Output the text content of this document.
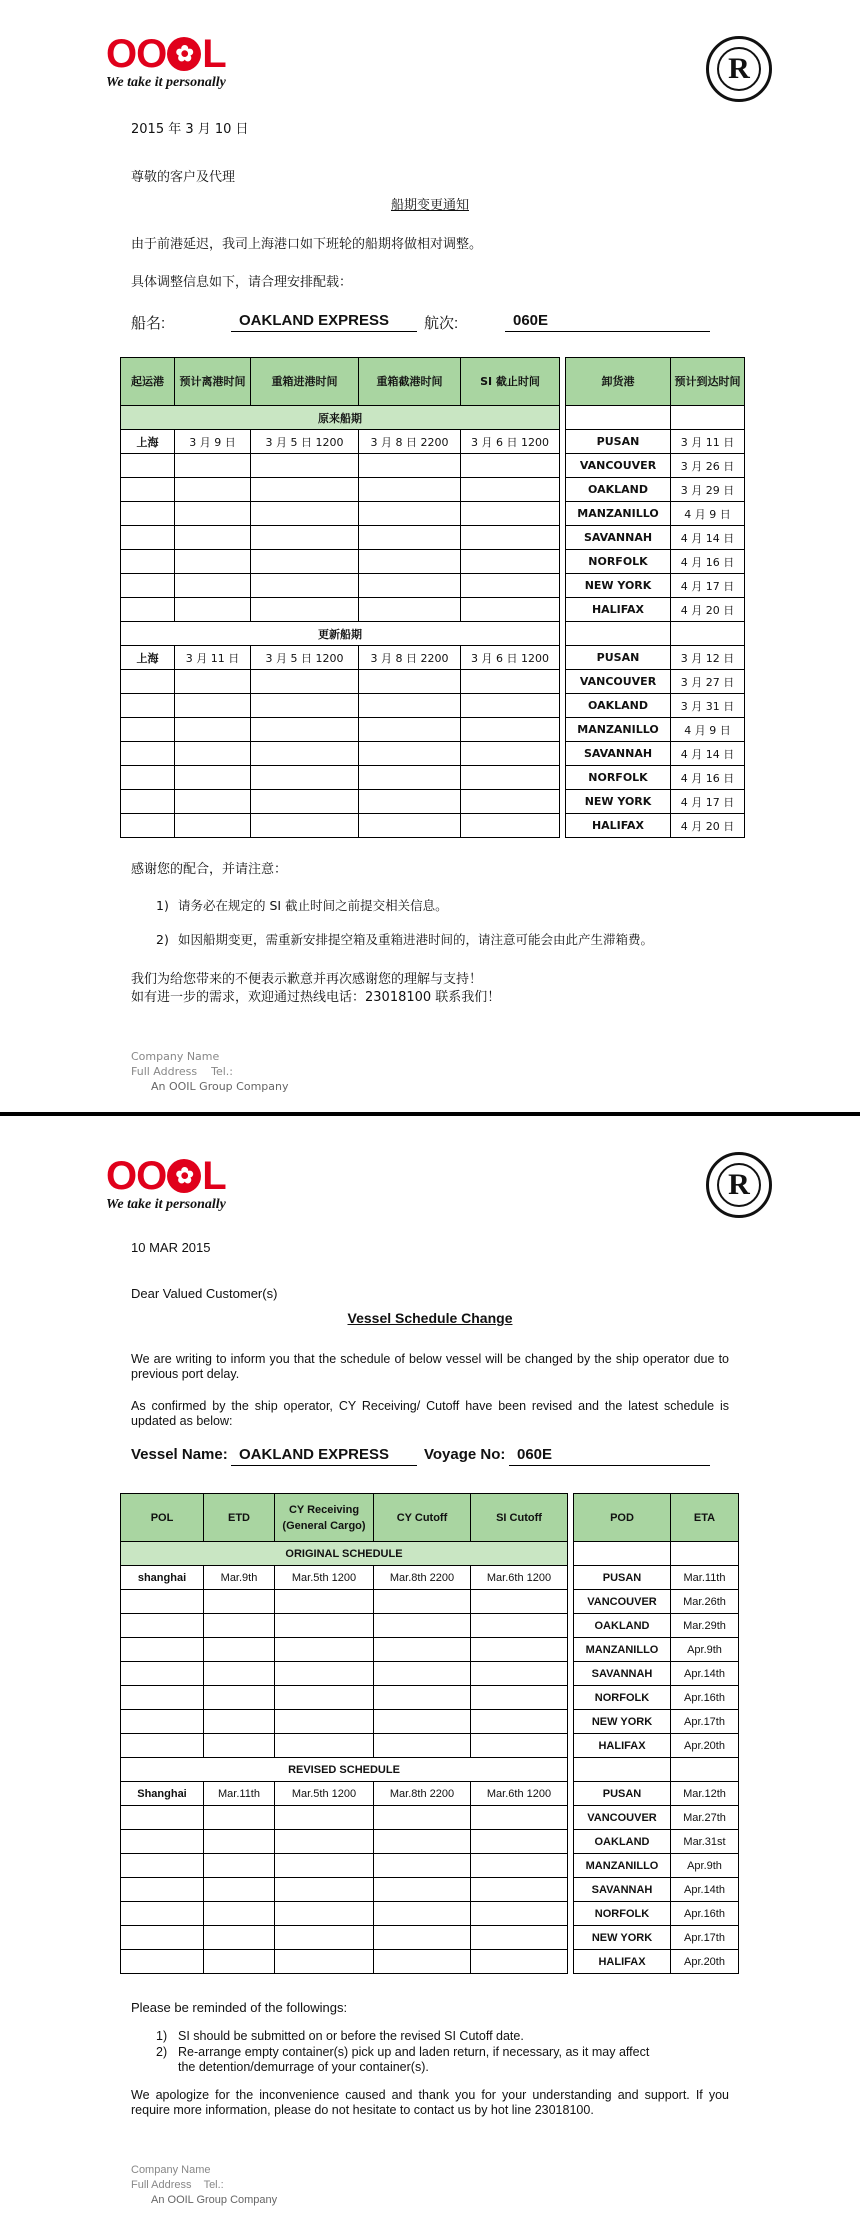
OO ✿ L
We take it personally	R
2015 年 3 月 10 日
尊敬的客户及代理
船期变更通知
由于前港延迟，我司上海港口如下班轮的船期将做相对调整。
具体调整信息如下，请合理安排配载：
船名:	OAKLAND EXPRESS	航次:	060E
起运港	预计离港时间	重箱进港时间	重箱截港时间	SI 截止时间		卸货港	预计到达时间
原来船期							
上海	3 月 9 日	3 月 5 日 1200	3 月 8 日 2200	3 月 6 日 1200		PUSAN	3 月 11 日
						VANCOUVER	3 月 26 日
						OAKLAND	3 月 29 日
						MANZANILLO	4 月 9 日
						SAVANNAH	4 月 14 日
						NORFOLK	4 月 16 日
						NEW YORK	4 月 17 日
						HALIFAX	4 月 20 日
更新船期							
上海	3 月 11 日	3 月 5 日 1200	3 月 8 日 2200	3 月 6 日 1200		PUSAN	3 月 12 日
						VANCOUVER	3 月 27 日
						OAKLAND	3 月 31 日
						MANZANILLO	4 月 9 日
						SAVANNAH	4 月 14 日
						NORFOLK	4 月 16 日
						NEW YORK	4 月 17 日
						HALIFAX	4 月 20 日
感谢您的配合，并请注意：
1) 请务必在规定的 SI 截止时间之前提交相关信息。
2) 如因船期变更，需重新安排提空箱及重箱进港时间的，请注意可能会由此产生滞箱费。
我们为给您带来的不便表示歉意并再次感谢您的理解与支持！
如有进一步的需求，欢迎通过热线电话：23018100 联系我们！
Company Name
Full Address Tel.:
An OOIL Group Company
OO ✿ L
We take it personally
R
10 MAR 2015
Dear Valued Customer(s)
Vessel Schedule Change
We are writing to inform you that the schedule of below vessel will be changed by the ship operator due to previous port delay.
As confirmed by the ship operator, CY Receiving/ Cutoff have been revised and the latest schedule is updated as below:
Vessel Name: OAKLAND EXPRESS	Voyage No: 060E
POL	ETD	CY Receiving (General Cargo)	CY Cutoff	SI Cutoff		POD	ETA
ORIGINAL SCHEDULE							
shanghai	Mar.9th	Mar.5th 1200	Mar.8th 2200	Mar.6th 1200		PUSAN	Mar.11th
						VANCOUVER	Mar.26th
						OAKLAND	Mar.29th
						MANZANILLO	Apr.9th
						SAVANNAH	Apr.14th
						NORFOLK	Apr.16th
						NEW YORK	Apr.17th
						HALIFAX	Apr.20th
REVISED SCHEDULE							
Shanghai	Mar.11th	Mar.5th 1200	Mar.8th 2200	Mar.6th 1200		PUSAN	Mar.12th
						VANCOUVER	Mar.27th
						OAKLAND	Mar.31st
						MANZANILLO	Apr.9th
						SAVANNAH	Apr.14th
						NORFOLK	Apr.16th
						NEW YORK	Apr.17th
						HALIFAX	Apr.20th
Please be reminded of the followings:
1) SI should be submitted on or before the revised SI Cutoff date.
2) Re-arrange empty container(s) pick up and laden return, if necessary, as it may affect
the detention/demurrage of your container(s).
We apologize for the inconvenience caused and thank you for your understanding and support. If you require more information, please do not hesitate to contact us by hot line 23018100.
Company Name
Full Address Tel.:
An OOIL Group Company
